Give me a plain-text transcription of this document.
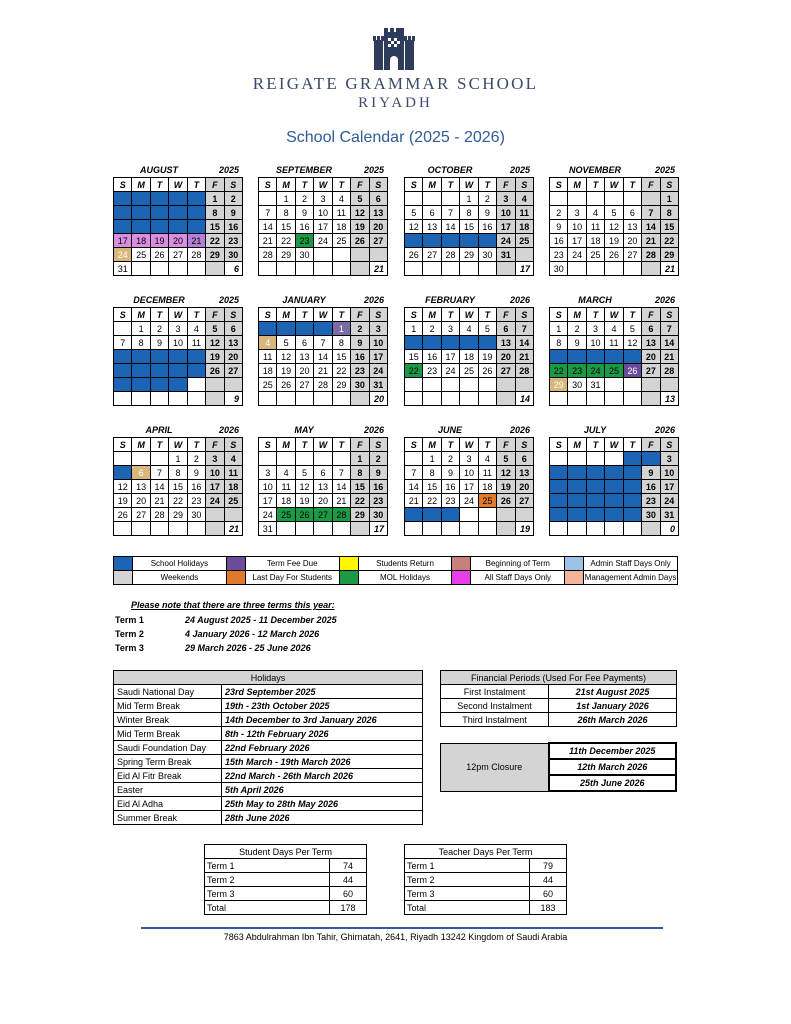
REIGATE GRAMMAR SCHOOL
RIYADH
School Calendar (2025 - 2026)
AUGUST	2025
S	M	T	W	T	F	S
					1	2
3	4	5	6	7	8	9
10	11	12	13	14	15	16
17	18	19	20	21	22	23
24	25	26	27	28	29	30
31						6
SEPTEMBER	2025
S	M	T	W	T	F	S
	1	2	3	4	5	6
7	8	9	10	11	12	13
14	15	16	17	18	19	20
21	22	23	24	25	26	27
28	29	30				
						21
OCTOBER	2025
S	M	T	W	T	F	S
			1	2	3	4
5	6	7	8	9	10	11
12	13	14	15	16	17	18
19	20	21	22	23	24	25
26	27	28	29	30	31	
						17
NOVEMBER	2025
S	M	T	W	T	F	S
						1
2	3	4	5	6	7	8
9	10	11	12	13	14	15
16	17	18	19	20	21	22
23	24	25	26	27	28	29
30						21
DECEMBER	2025
S	M	T	W	T	F	S
	1	2	3	4	5	6
7	8	9	10	11	12	13
14	15	16	17	18	19	20
21	22	23	24	25	26	27
28	29	30	31			
						9
JANUARY	2026
S	M	T	W	T	F	S
				1	2	3
4	5	6	7	8	9	10
11	12	13	14	15	16	17
18	19	20	21	22	23	24
25	26	27	28	29	30	31
						20
FEBRUARY	2026
S	M	T	W	T	F	S
1	2	3	4	5	6	7
8	9	10	11	12	13	14
15	16	17	18	19	20	21
22	23	24	25	26	27	28

						14
MARCH	2026
S	M	T	W	T	F	S
1	2	3	4	5	6	7
8	9	10	11	12	13	14
15	16	17	18	19	20	21
22	23	24	25	26	27	28
29	30	31				
						13
APRIL	2026
S	M	T	W	T	F	S
			1	2	3	4
5	6	7	8	9	10	11
12	13	14	15	16	17	18
19	20	21	22	23	24	25
26	27	28	29	30		
						21
MAY	2026
S	M	T	W	T	F	S
					1	2
3	4	5	6	7	8	9
10	11	12	13	14	15	16
17	18	19	20	21	22	23
24	25	26	27	28	29	30
31						17
JUNE	2026
S	M	T	W	T	F	S
	1	2	3	4	5	6
7	8	9	10	11	12	13
14	15	16	17	18	19	20
21	22	23	24	25	26	27
28	29	30				
						19
JULY	2026
S	M	T	W	T	F	S
				1	2	3
4	5	6	7	8	9	10
11	12	13	14	15	16	17
18	19	20	21	22	23	24
25	26	27	28	29	30	31
						0
	School Holidays		Term Fee Due		Students Return		Beginning of Term		Admin Staff Days Only
	Weekends		Last Day For Students		MOL Holidays		All Staff Days Only		Management Admin Days
Please note that there are three terms this year:
Term 1	24 August 2025 - 11 December 2025
Term 2	4 January 2026 - 12 March 2026
Term 3	29 March 2026 - 25 June 2026
Holidays	
Saudi National Day	23rd September 2025
Mid Term Break	19th - 23th October 2025
Winter Break	14th December to 3rd January 2026
Mid Term Break	8th - 12th February 2026
Saudi Foundation Day	22nd February 2026
Spring Term Break	15th March - 19th March 2026
Eid Al Fitr Break	22nd March - 26th March 2026
Easter	5th April 2026
Eid Al Adha	25th May to 28th May 2026
Summer Break	28th June 2026
Financial Periods (Used For Fee Payments)	
First Instalment	21st August 2025
Second Instalment	1st January 2026
Third Instalment	26th March 2026
12pm Closure	11th December 2025
12th March 2026
25th June 2026
Student Days Per Term	
Term 1	74
Term 2	44
Term 3	60
Total	178
Teacher Days Per Term	
Term 1	79
Term 2	44
Term 3	60
Total	183
7863 Abdulrahman Ibn Tahir, Ghirnatah, 2641, Riyadh 13242 Kingdom of Saudi Arabia
